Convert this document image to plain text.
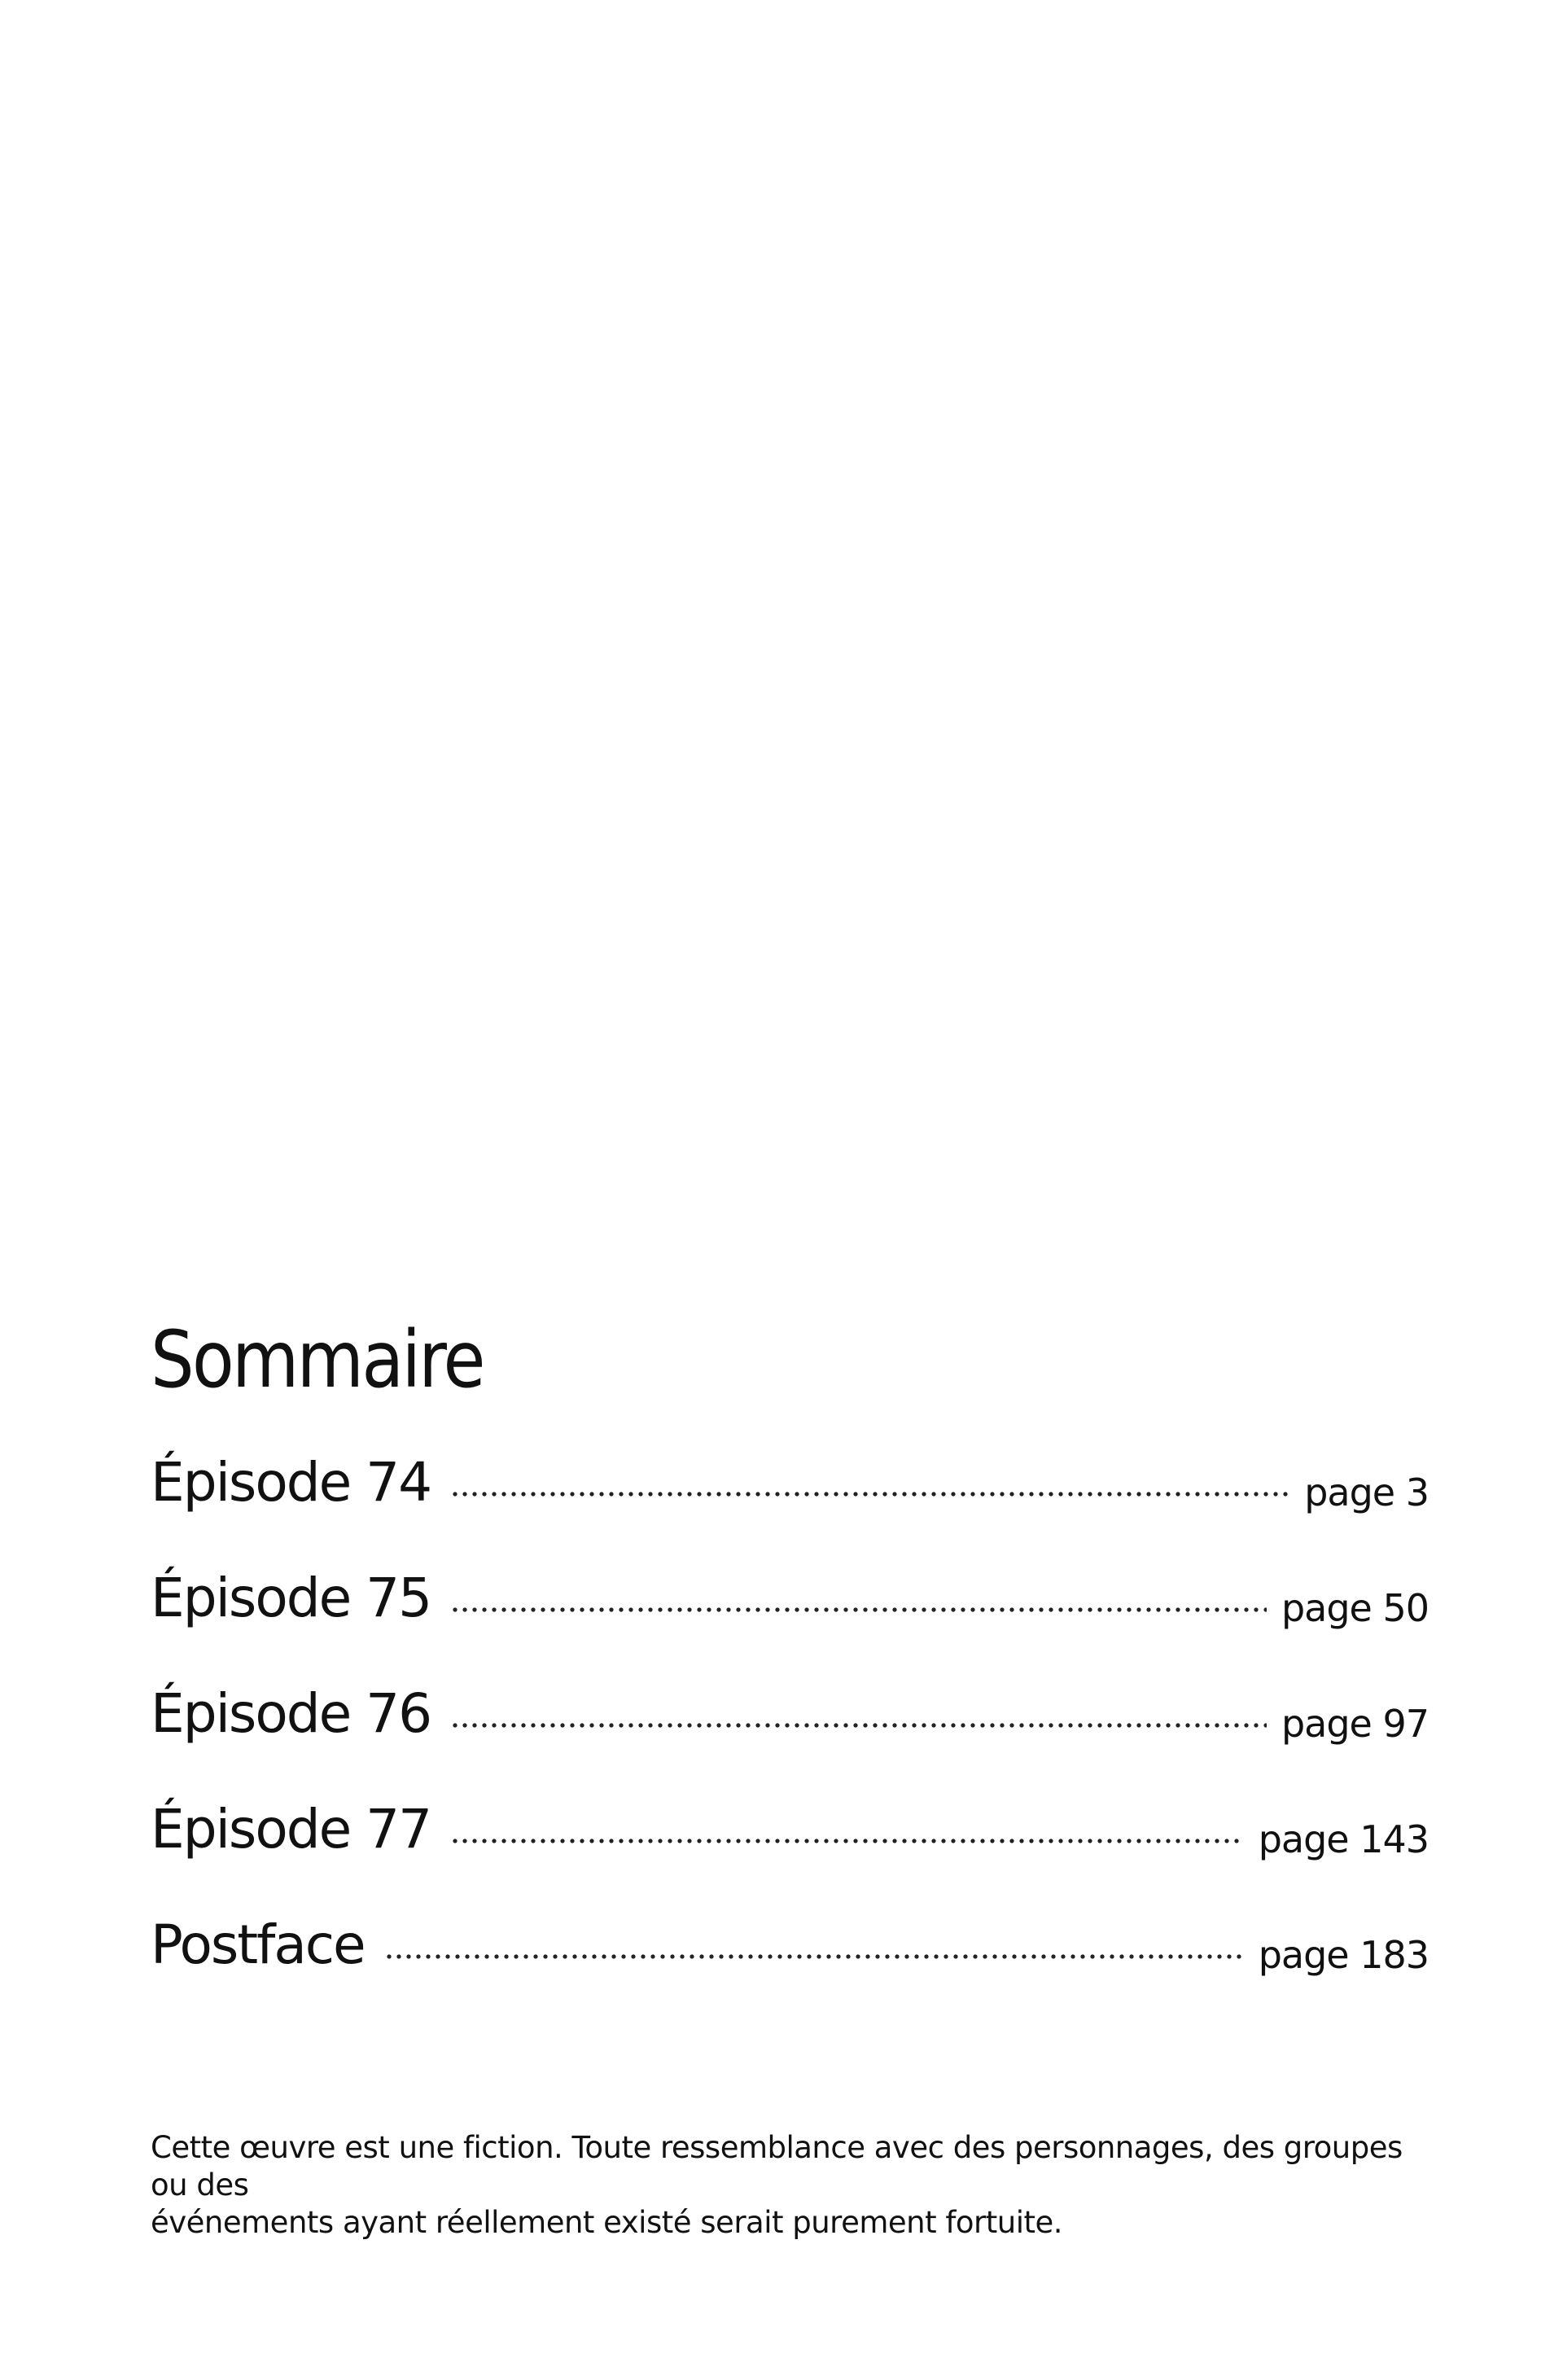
Sommaire
Épisode 74	page 3
Épisode 75	page 50
Épisode 76	page 97
Épisode 77	page 143
Postface	page 183

Cette œuvre est une fiction. Toute ressemblance avec des personnages, des groupes ou des

événements ayant réellement existé serait purement fortuite.
